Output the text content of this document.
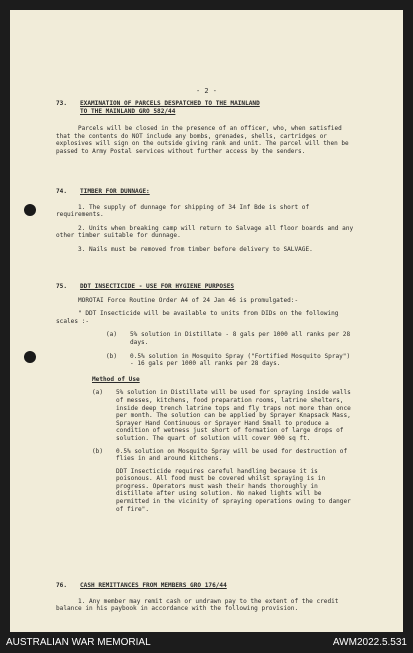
- 2 -
73.	EXAMINATION OF PARCELS DESPATCHED TO THE MAINLAND
TO THE MAINLAND GRO 582/44

Parcels will be closed in the presence of an officer, who, when satisfied that the contents do NOT include any bombs, grenades, shells, cartridges or explosives will sign on the outside giving rank and unit. The parcel will then be passed to Army Postal services without further access by the senders.

74.	TIMBER FOR DUNNAGE:

1. The supply of dunnage for shipping of 34 Inf Bde is short of requirements.

2. Units when breaking camp will return to Salvage all floor boards and any other timber suitable for dunnage.

3. Nails must be removed from timber before delivery to SALVAGE.

75.	DDT INSECTICIDE - USE FOR HYGIENE PURPOSES

MOROTAI Force Routine Order A4 of 24 Jan 46 is promulgated:-

" DDT Insecticide will be available to units from DIDs on the following scales :-

(a)	5% solution in Distillate - 8 gals per 1000 all ranks per 28 days.
(b)	0.5% solution in Mosquito Spray ("Fortified Mosquito Spray") - 16 gals per 1000 all ranks per 28 days.
Method of Use
(a)	5% solution in Distillate will be used for spraying inside walls of messes, kitchens, food preparation rooms, latrine shelters, inside deep trench latrine tops and fly traps not more than once per month. The solution can be applied by Sprayer Knapsack Mass, Sprayer Hand Continuous or Sprayer Hand Small to produce a condition of wetness just short of formation of large drops of solution. The quart of solution will cover 900 sq ft.
(b)	0.5% solution on Mosquito Spray will be used for destruction of flies in and around kitchens.

DDT Insecticide requires careful handling because it is poisonous. All food must be covered whilst spraying is in progress. Operators must wash their hands thoroughly in distillate after using solution. No naked lights will be permitted in the vicinity of spraying operations owing to danger of fire".

76.	CASH REMITTANCES FROM MEMBERS GRO 176/44

1. Any member may remit cash or undrawn pay to the extent of the credit balance in his paybook in accordance with the following provision.

AUSTRALIAN WAR MEMORIAL	AWM2022.5.531
